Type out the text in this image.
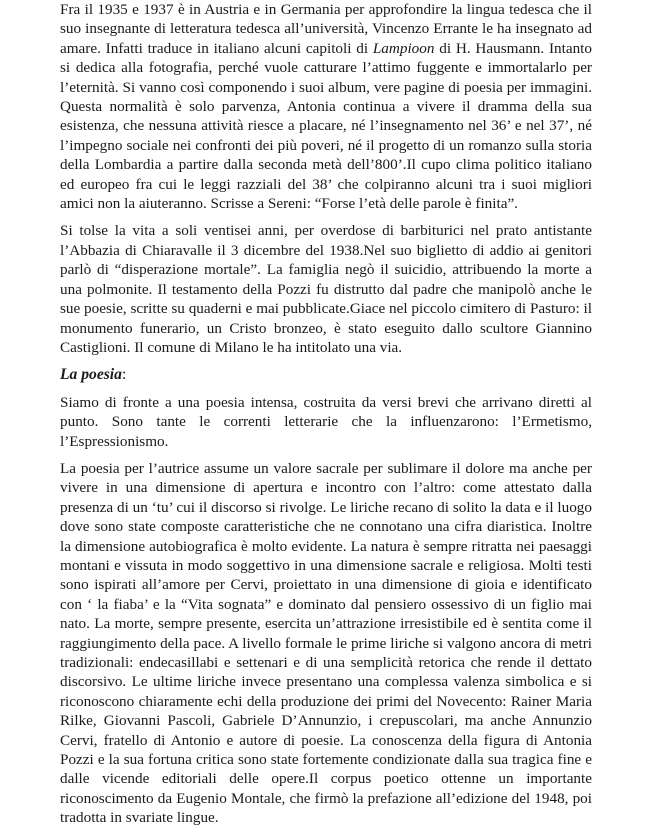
Fra il 1935 e 1937 è in Austria e in Germania per approfondire la lingua tedesca che il suo insegnante di letteratura tedesca all’università, Vincenzo Errante le ha insegnato ad amare. Infatti traduce in italiano alcuni capitoli di Lampioon di H. Hausmann. Intanto si dedica alla fotografia, perché vuole catturare l’attimo fuggente e immortalarlo per l’eternità. Si vanno così componendo i suoi album, vere pagine di poesia per immagini. Questa normalità è solo parvenza, Antonia continua a vivere il dramma della sua esistenza, che nessuna attività riesce a placare, né l’insegnamento nel 36’ e nel 37’, né l’impegno sociale nei confronti dei più poveri, né il progetto di un romanzo sulla storia della Lombardia a partire dalla seconda metà dell’800’.Il cupo clima politico italiano ed europeo fra cui le leggi razziali del 38’ che colpiranno alcuni tra i suoi migliori amici non la aiuteranno. Scrisse a Sereni: “Forse l’età delle parole è finita”.

Si tolse la vita a soli ventisei anni, per overdose di barbiturici nel prato antistante l’Abbazia di Chiaravalle il 3 dicembre del 1938.Nel suo biglietto di addio ai genitori parlò di “disperazione mortale”. La famiglia negò il suicidio, attribuendo la morte a una polmonite. Il testamento della Pozzi fu distrutto dal padre che manipolò anche le sue poesie, scritte su quaderni e mai pubblicate.Giace nel piccolo cimitero di Pasturo: il monumento funerario, un Cristo bronzeo, è stato eseguito dallo scultore Giannino Castiglioni. Il comune di Milano le ha intitolato una via.

La poesia:

Siamo di fronte a una poesia intensa, costruita da versi brevi che arrivano diretti al punto. Sono tante le correnti letterarie che la influenzarono: l’Ermetismo, l’Espressionismo.

La poesia per l’autrice assume un valore sacrale per sublimare il dolore ma anche per vivere in una dimensione di apertura e incontro con l’altro: come attestato dalla presenza di un ‘tu’ cui il discorso si rivolge. Le liriche recano di solito la data e il luogo dove sono state composte caratteristiche che ne connotano una cifra diaristica. Inoltre la dimensione autobiografica è molto evidente. La natura è sempre ritratta nei paesaggi montani e vissuta in modo soggettivo in una dimensione sacrale e religiosa. Molti testi sono ispirati all’amore per Cervi, proiettato in una dimensione di gioia e identificato con ‘ la fiaba’ e la “Vita sognata” e dominato dal pensiero ossessivo di un figlio mai nato. La morte, sempre presente, esercita un’attrazione irresistibile ed è sentita come il raggiungimento della pace. A livello formale le prime liriche si valgono ancora di metri tradizionali: endecasillabi e settenari e di una semplicità retorica che rende il dettato discorsivo. Le ultime liriche invece presentano una complessa valenza simbolica e si riconoscono chiaramente echi della produzione dei primi del Novecento: Rainer Maria Rilke, Giovanni Pascoli, Gabriele D’Annunzio, i crepuscolari, ma anche Annunzio Cervi, fratello di Antonio e autore di poesie. La conoscenza della figura di Antonia Pozzi e la sua fortuna critica sono state fortemente condizionate dalla sua tragica fine e dalle vicende editoriali delle opere.Il corpus poetico ottenne un importante riconoscimento da Eugenio Montale, che firmò la prefazione all’edizione del 1948, poi tradotta in svariate lingue.
